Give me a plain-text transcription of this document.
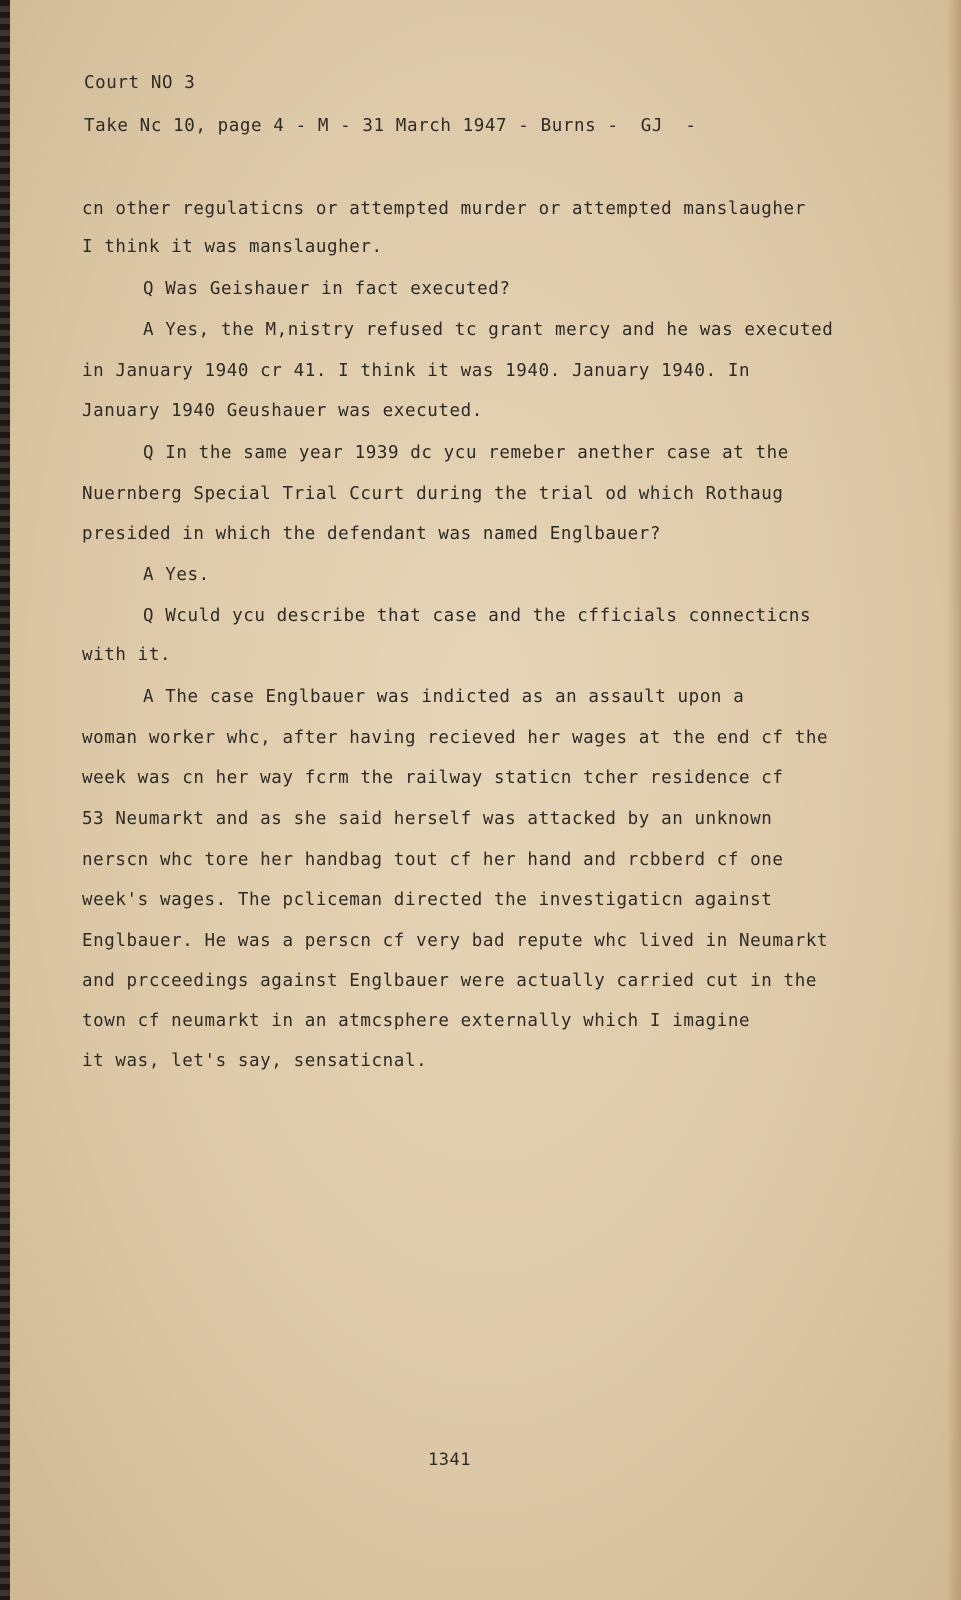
Court NO 3
Take Nc 10, page 4 - M - 31 March 1947 - Burns -  GJ  -
cn other regulaticns or attempted murder or attempted manslaugher
I think it was manslaugher.
Q Was Geishauer in fact executed?
A Yes, the M,nistry refused tc grant mercy and he was executed
in January 1940 cr 41. I think it was 1940. January 1940. In
January 1940 Geushauer was executed.
Q In the same year 1939 dc ycu remeber anether case at the
Nuernberg Special Trial Ccurt during the trial od which Rothaug
presided in which the defendant was named Englbauer?
A Yes.
Q Wculd ycu describe that case and the cfficials connecticns
with it.
A The case Englbauer was indicted as an assault upon a
woman worker whc, after having recieved her wages at the end cf the
week was cn her way fcrm the railway staticn tcher residence cf
53 Neumarkt and as she said herself was attacked by an unknown
nerscn whc tore her handbag tout cf her hand and rcbberd cf one
week's wages. The pcliceman directed the investigaticn against
Englbauer. He was a perscn cf very bad repute whc lived in Neumarkt
and prcceedings against Englbauer were actually carried cut in the
town cf neumarkt in an atmcsphere externally which I imagine
it was, let's say, sensaticnal.
1341
